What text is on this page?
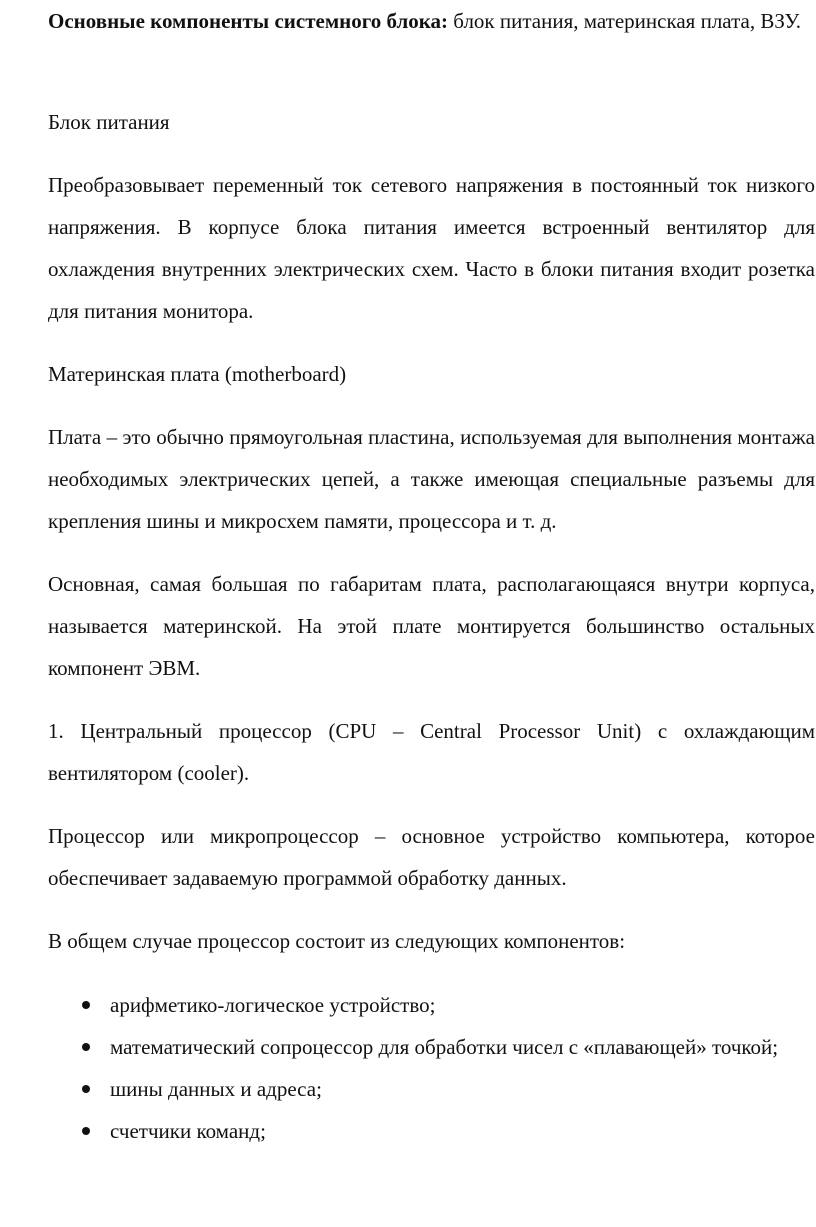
Основные компоненты системного блока: блок питания, материнская плата, ВЗУ.

Блок питания

Преобразовывает переменный ток сетевого напряжения в постоянный ток низкого напряжения. В корпусе блока питания имеется встроенный вентилятор для охлаждения внутренних электрических схем. Часто в блоки питания входит розетка для питания монитора.

Материнская плата (motherboard)

Плата – это обычно прямоугольная пластина, используемая для выполнения монтажа необходимых электрических цепей, а также имеющая специальные разъемы для крепления шины и микросхем памяти, процессора и т. д.

Основная, самая большая по габаритам плата, располагающаяся внутри корпуса, называется материнской. На этой плате монтируется большинство остальных компонент ЭВМ.

1. Центральный процессор (CPU – Central Processor Unit) с охлаждающим вентилятором (cooler).

Процессор или микропроцессор – основное устройство компьютера, которое обеспечивает задаваемую программой обработку данных.

В общем случае процессор состоит из следующих компонентов:

арифметико-логическое устройство;
математический сопроцессор для обработки чисел с «плавающей» точкой;
шины данных и адреса;
счетчики команд;
